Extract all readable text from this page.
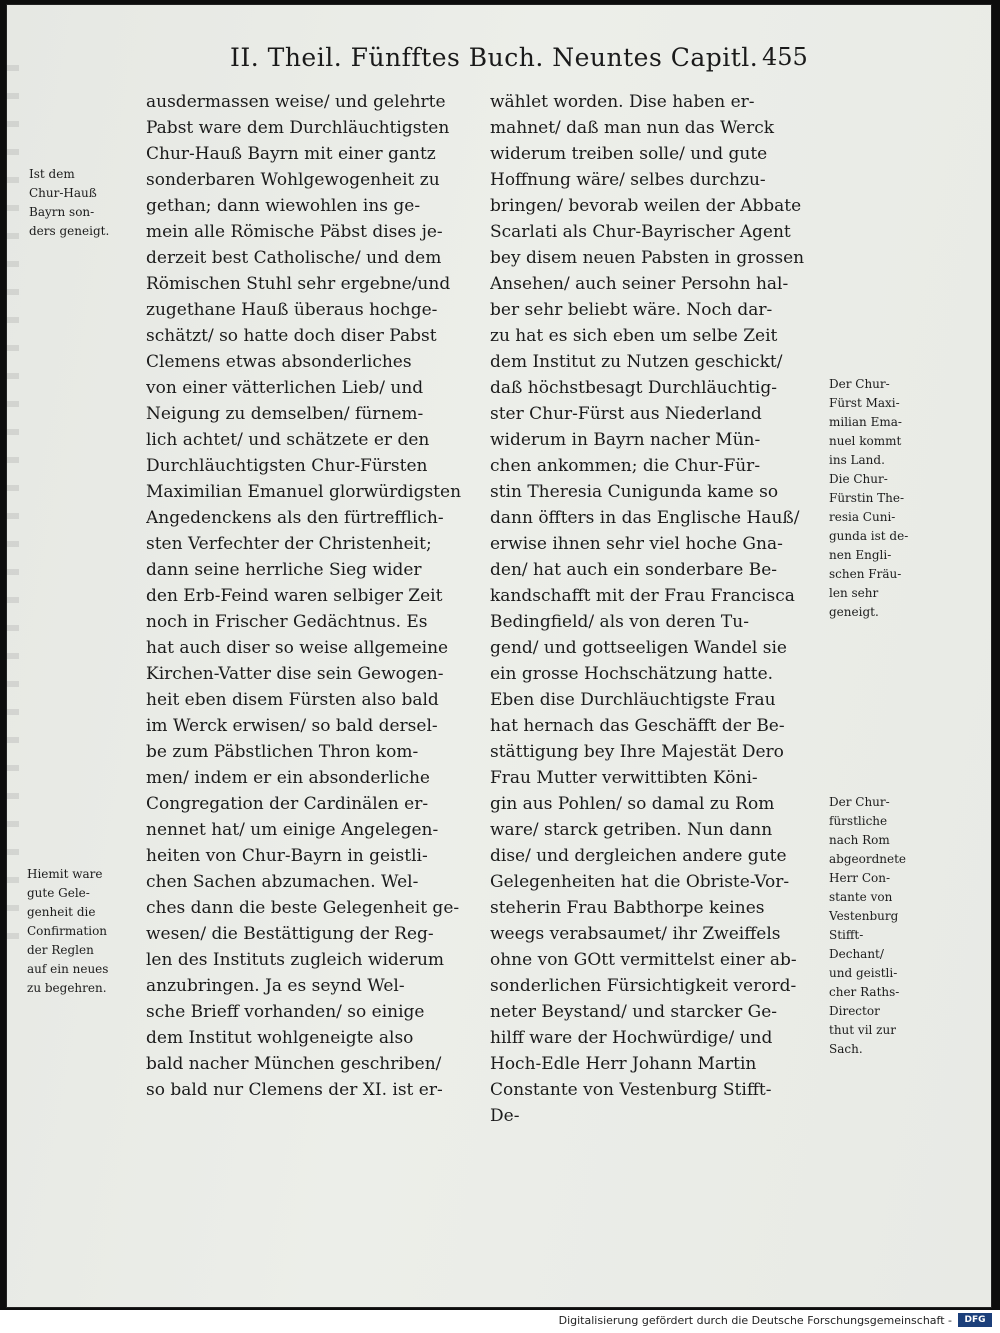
II. Theil. Fünfftes Buch. Neuntes Capitl. 455
ausdermassen weise/ und gelehrte
Pabst ware dem Durchläuchtigsten
Chur-Hauß Bayrn mit einer gantz
sonderbaren Wohlgewogenheit zu
gethan; dann wiewohlen ins ge-
mein alle Römische Päbst dises je-
derzeit best Catholische/ und dem
Römischen Stuhl sehr ergebne/und
zugethane Hauß überaus hochge-
schätzt/ so hatte doch diser Pabst
Clemens etwas absonderliches
von einer vätterlichen Lieb/ und
Neigung zu demselben/ fürnem-
lich achtet/ und schätzete er den
Durchläuchtigsten Chur-Fürsten
Maximilian Emanuel glorwürdigsten
Angedenckens als den fürtrefflich-
sten Verfechter der Christenheit;
dann seine herrliche Sieg wider
den Erb-Feind waren selbiger Zeit
noch in Frischer Gedächtnus. Es
hat auch diser so weise allgemeine
Kirchen-Vatter dise sein Gewogen-
heit eben disem Fürsten also bald
im Werck erwisen/ so bald dersel-
be zum Päbstlichen Thron kom-
men/ indem er ein absonderliche
Congregation der Cardinälen er-
nennet hat/ um einige Angelegen-
heiten von Chur-Bayrn in geistli-
chen Sachen abzumachen. Wel-
ches dann die beste Gelegenheit ge-
wesen/ die Bestättigung der Reg-
len des Instituts zugleich widerum
anzubringen. Ja es seynd Wel-
sche Brieff vorhanden/ so einige
dem Institut wohlgeneigte also
bald nacher München geschriben/
so bald nur Clemens der XI. ist er-
wählet worden. Dise haben er-
mahnet/ daß man nun das Werck
widerum treiben solle/ und gute
Hoffnung wäre/ selbes durchzu-
bringen/ bevorab weilen der Abbate
Scarlati als Chur-Bayrischer Agent
bey disem neuen Pabsten in grossen
Ansehen/ auch seiner Persohn hal-
ber sehr beliebt wäre. Noch dar-
zu hat es sich eben um selbe Zeit
dem Institut zu Nutzen geschickt/
daß höchstbesagt Durchläuchtig-
ster Chur-Fürst aus Niederland
widerum in Bayrn nacher Mün-
chen ankommen; die Chur-Für-
stin Theresia Cunigunda kame so
dann öffters in das Englische Hauß/
erwise ihnen sehr viel hoche Gna-
den/ hat auch ein sonderbare Be-
kandschafft mit der Frau Francisca
Bedingfield/ als von deren Tu-
gend/ und gottseeligen Wandel sie
ein grosse Hochschätzung hatte.
Eben dise Durchläuchtigste Frau
hat hernach das Geschäfft der Be-
stättigung bey Ihre Majestät Dero
Frau Mutter verwittibten Köni-
gin aus Pohlen/ so damal zu Rom
ware/ starck getriben. Nun dann
dise/ und dergleichen andere gute
Gelegenheiten hat die Obriste-Vor-
steherin Frau Babthorpe keines
weegs verabsaumet/ ihr Zweiffels
ohne von GOtt vermittelst einer ab-
sonderlichen Fürsichtigkeit verord-
neter Beystand/ und starcker Ge-
hilff ware der Hochwürdige/ und
Hoch-Edle Herr Johann Martin
Constante von Vestenburg Stifft-
De-
Ist dem
Chur-Hauß
Bayrn son-
ders geneigt.
Hiemit ware
gute Gele-
genheit die
Confirmation
der Reglen
auf ein neues
zu begehren.
Der Chur-
Fürst Maxi-
milian Ema-
nuel kommt
ins Land.
Die Chur-
Fürstin The-
resia Cuni-
gunda ist de-
nen Engli-
schen Fräu-
len sehr
geneigt.
Der Chur-
fürstliche
nach Rom
abgeordnete
Herr Con-
stante von
Vestenburg
Stifft-
Dechant/
und geistli-
cher Raths-
Director
thut vil zur
Sach.
Digitalisierung gefördert durch die Deutsche Forschungsgemeinschaft -	DFG
